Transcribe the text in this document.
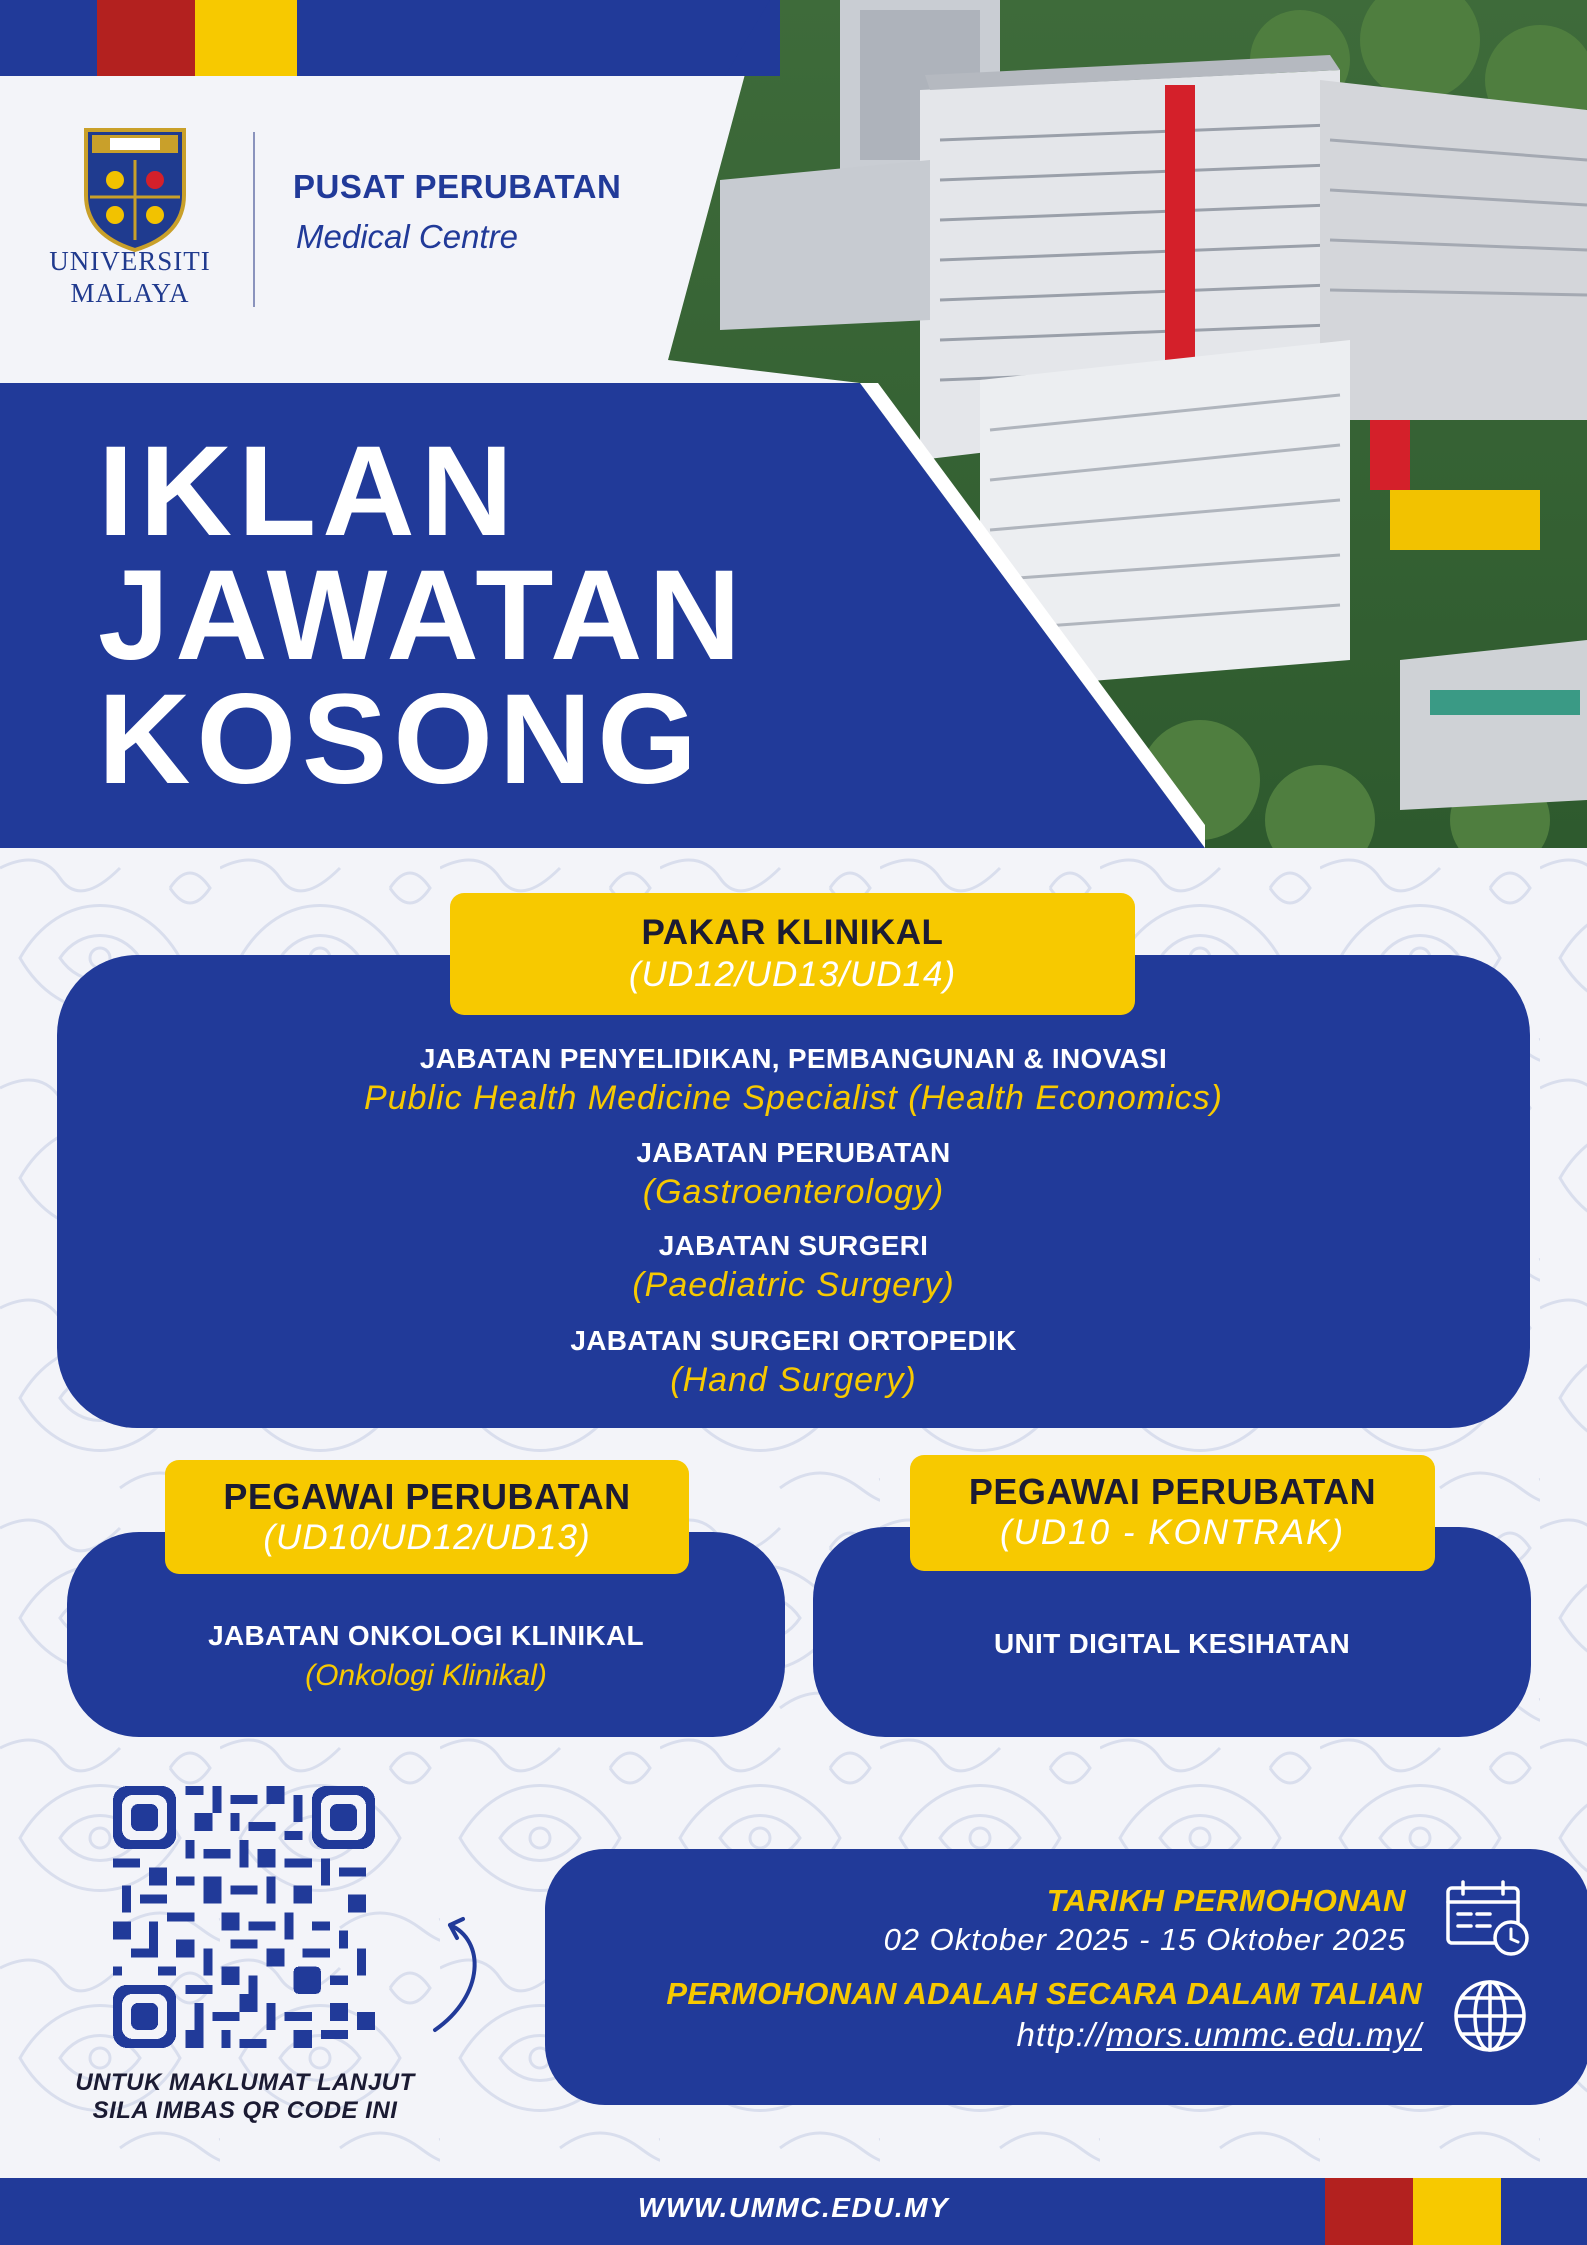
UNIVERSITI
MALAYA
PUSAT PERUBATAN
Medical Centre
IKLAN
JAWATAN
KOSONG
PAKAR KLINIKAL
(UD12/UD13/UD14)
JABATAN PENYELIDIKAN, PEMBANGUNAN & INOVASI
Public Health Medicine Specialist (Health Economics)
JABATAN PERUBATAN
(Gastroenterology)
JABATAN SURGERI
(Paediatric Surgery)
JABATAN SURGERI ORTOPEDIK
(Hand Surgery)
PEGAWAI PERUBATAN
(UD10/UD12/UD13)
JABATAN ONKOLOGI KLINIKAL
(Onkologi Klinikal)
PEGAWAI PERUBATAN
(UD10 - KONTRAK)
UNIT DIGITAL KESIHATAN
UNTUK MAKLUMAT LANJUT
SILA IMBAS QR CODE INI
TARIKH PERMOHONAN
02 Oktober 2025 - 15 Oktober 2025
PERMOHONAN ADALAH SECARA DALAM TALIAN
http://mors.ummc.edu.my/
WWW.UMMC.EDU.MY
